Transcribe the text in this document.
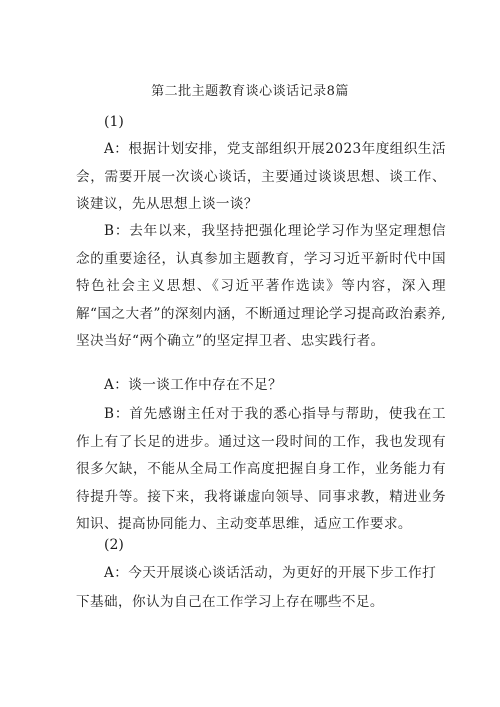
第二批主题教育谈心谈话记录8篇
(1)

A：根据计划安排，党支部组织开展2023年度组织生活会，需要开展一次谈心谈话，主要通过谈谈思想、谈工作、谈建议，先从思想上谈一谈？

B：去年以来，我坚持把强化理论学习作为坚定理想信念的重要途径，认真参加主题教育，学习习近平新时代中国特色社会主义思想、《习近平著作选读》等内容，深入理解“国之大者”的深刻内涵，不断通过理论学习提高政治素养,坚决当好“两个确立”的坚定捍卫者、忠实践行者。

A：谈一谈工作中存在不足？

B：首先感谢主任对于我的悉心指导与帮助，使我在工作上有了长足的进步。通过这一段时间的工作，我也发现有很多欠缺，不能从全局工作高度把握自身工作，业务能力有待提升等。接下来，我将谦虚向领导、同事求教，精进业务知识、提高协同能力、主动变革思维，适应工作要求。

(2)

A：今天开展谈心谈话活动，为更好的开展下步工作打

下基础，你认为自己在工作学习上存在哪些不足。
